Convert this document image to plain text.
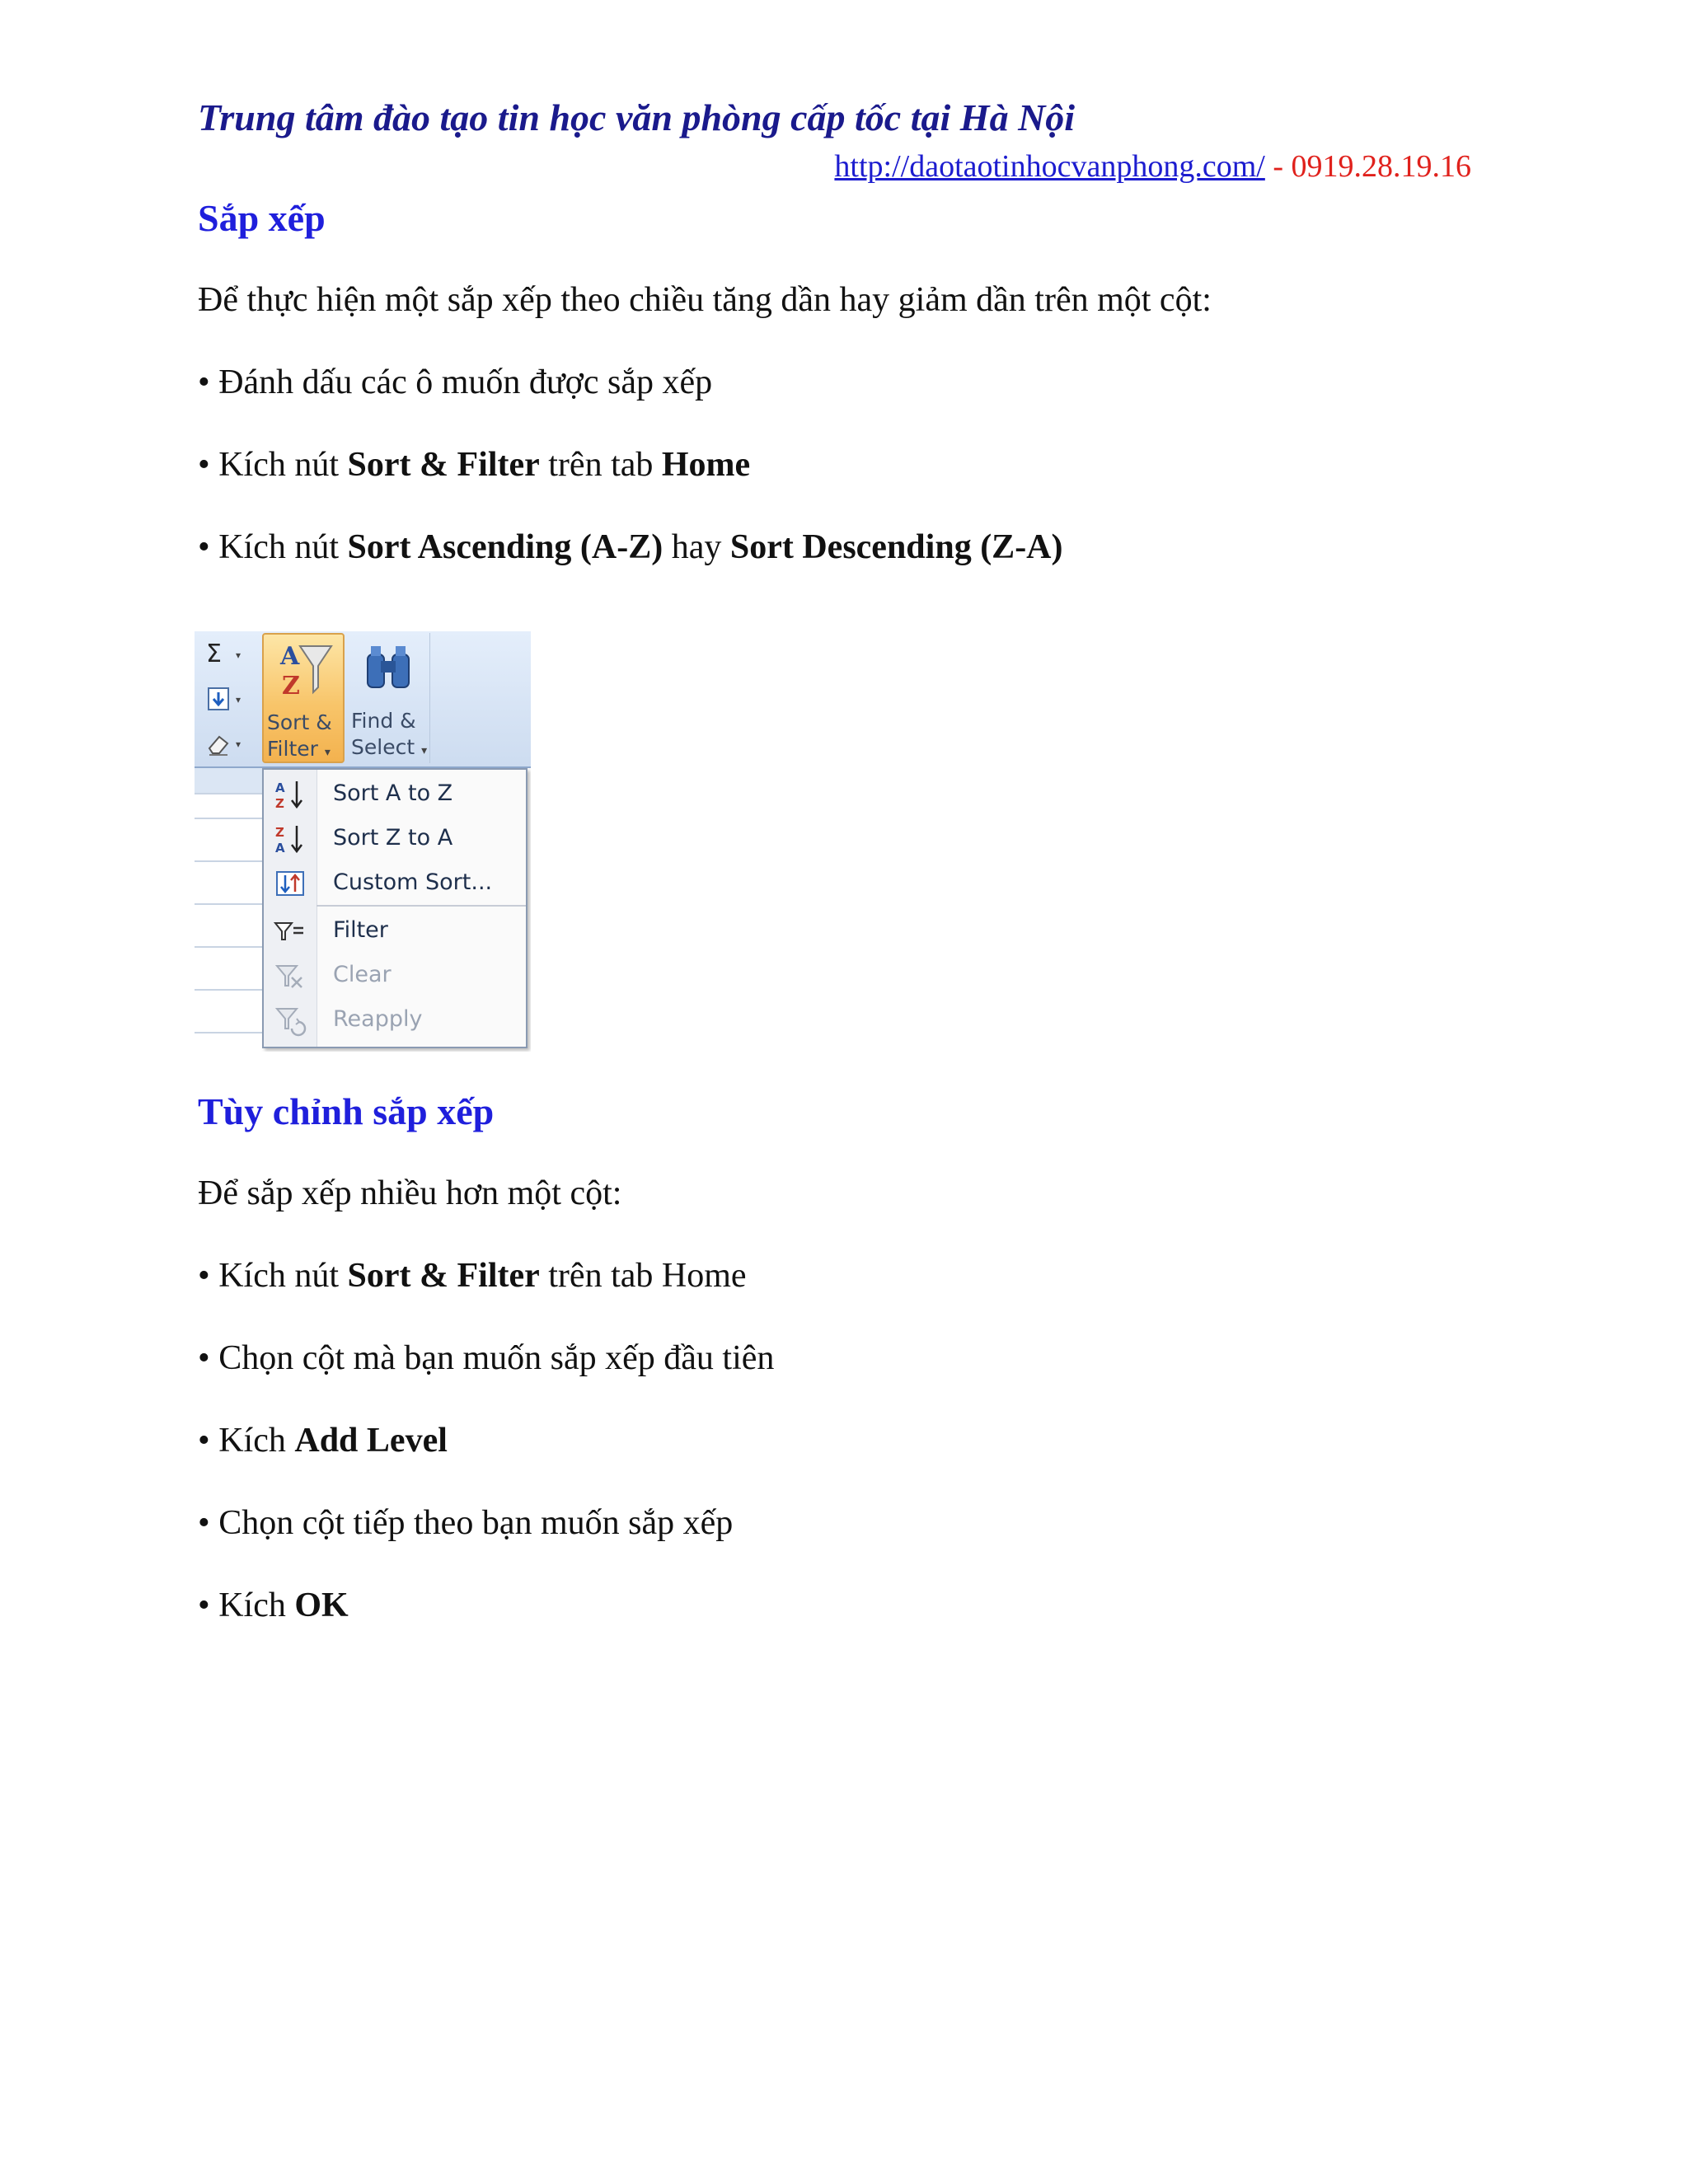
Trung tâm đào tạo tin học văn phòng cấp tốc tại Hà Nội
http://daotaotinhocvanphong.com/ - 0919.28.19.16
Sắp xếp

Để thực hiện một sắp xếp theo chiều tăng dần hay giảm dần trên một cột:

• Đánh dấu các ô muốn được sắp xếp

• Kích nút Sort & Filter trên tab Home

• Kích nút Sort Ascending (A-Z) hay Sort Descending (Z-A)

Σ	▾
▾
▾
A
Z
Sort &
Filter ▾
Find &
Select ▾
A
Z Sort A to Z
Z
A Sort Z to A
Custom Sort...
Filter
Clear
Reapply
Tùy chỉnh sắp xếp

Để sắp xếp nhiều hơn một cột:

• Kích nút Sort & Filter trên tab Home

• Chọn cột mà bạn muốn sắp xếp đầu tiên

• Kích Add Level

• Chọn cột tiếp theo bạn muốn sắp xếp

• Kích OK
